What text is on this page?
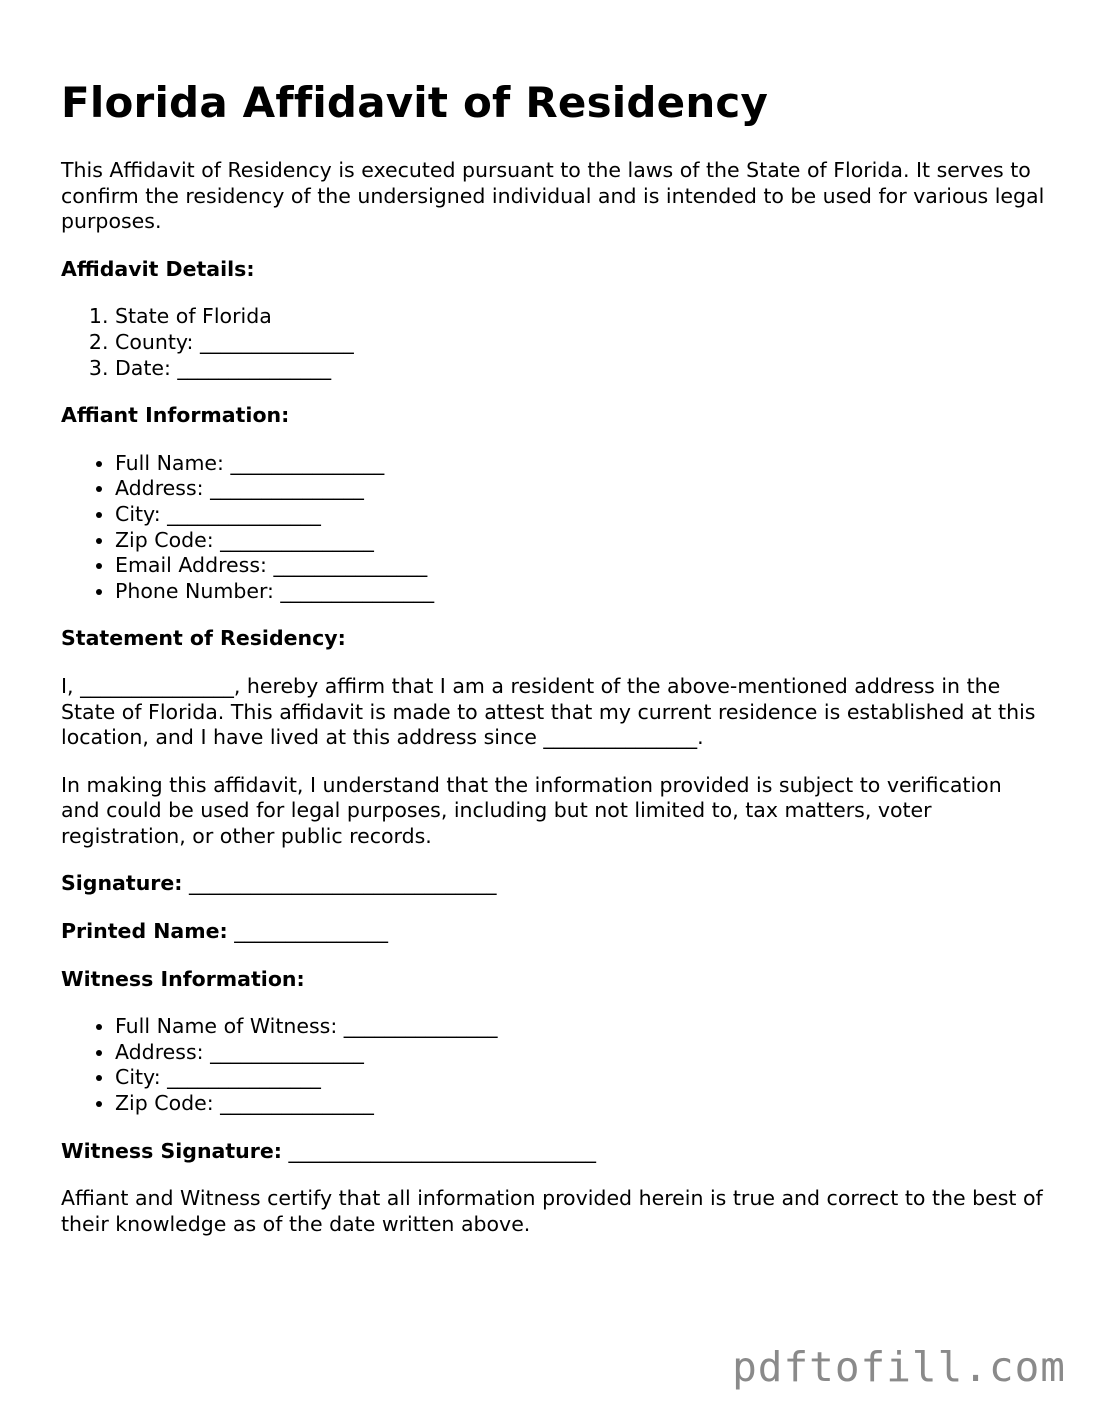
Florida Affidavit of Residency

This Affidavit of Residency is executed pursuant to the laws of the State of Florida. It serves to confirm the residency of the undersigned individual and is intended to be used for various legal purposes.

Affidavit Details:
1. State of Florida
2. County: _______________
3. Date: _______________
Affiant Information:
• Full Name: _______________
• Address: _______________
• City: _______________
• Zip Code: _______________
• Email Address: _______________
• Phone Number: _______________
Statement of Residency:

I, _______________, hereby affirm that I am a resident of the above-mentioned address in the State of Florida. This affidavit is made to attest that my current residence is established at this location, and I have lived at this address since _______________.

In making this affidavit, I understand that the information provided is subject to verification and could be used for legal purposes, including but not limited to, tax matters, voter registration, or other public records.

Signature: ______________________________
Printed Name: _______________
Witness Information:
• Full Name of Witness: _______________
• Address: _______________
• City: _______________
• Zip Code: _______________
Witness Signature: ______________________________

Affiant and Witness certify that all information provided herein is true and correct to the best of their knowledge as of the date written above.

pdftofill.com
